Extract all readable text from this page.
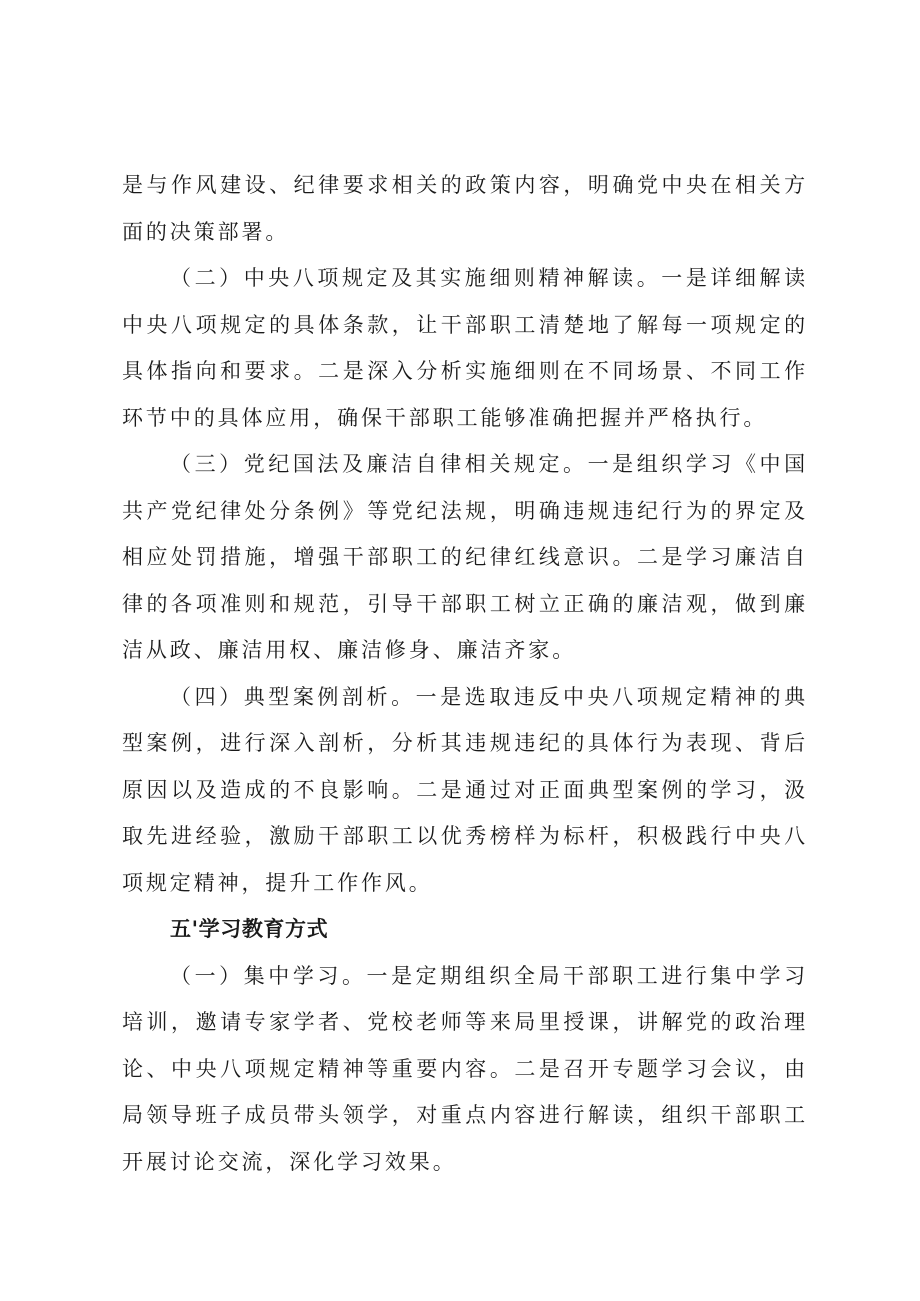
是与作风建设、纪律要求相关的政策内容，明确党中央在相关方面的决策部署。

（二）中央八项规定及其实施细则精神解读。一是详细解读中央八项规定的具体条款，让干部职工清楚地了解每一项规定的具体指向和要求。二是深入分析实施细则在不同场景、不同工作环节中的具体应用，确保干部职工能够准确把握并严格执行。

（三）党纪国法及廉洁自律相关规定。一是组织学习《中国共产党纪律处分条例》等党纪法规，明确违规违纪行为的界定及相应处罚措施，增强干部职工的纪律红线意识。二是学习廉洁自律的各项准则和规范，引导干部职工树立正确的廉洁观，做到廉洁从政、廉洁用权、廉洁修身、廉洁齐家。

（四）典型案例剖析。一是选取违反中央八项规定精神的典型案例，进行深入剖析，分析其违规违纪的具体行为表现、背后原因以及造成的不良影响。二是通过对正面典型案例的学习，汲取先进经验，激励干部职工以优秀榜样为标杆，积极践行中央八项规定精神，提升工作作风。

五'学习教育方式

（一）集中学习。一是定期组织全局干部职工进行集中学习培训，邀请专家学者、党校老师等来局里授课，讲解党的政治理论、中央八项规定精神等重要内容。二是召开专题学习会议，由局领导班子成员带头领学，对重点内容进行解读，组织干部职工开展讨论交流，深化学习效果。
